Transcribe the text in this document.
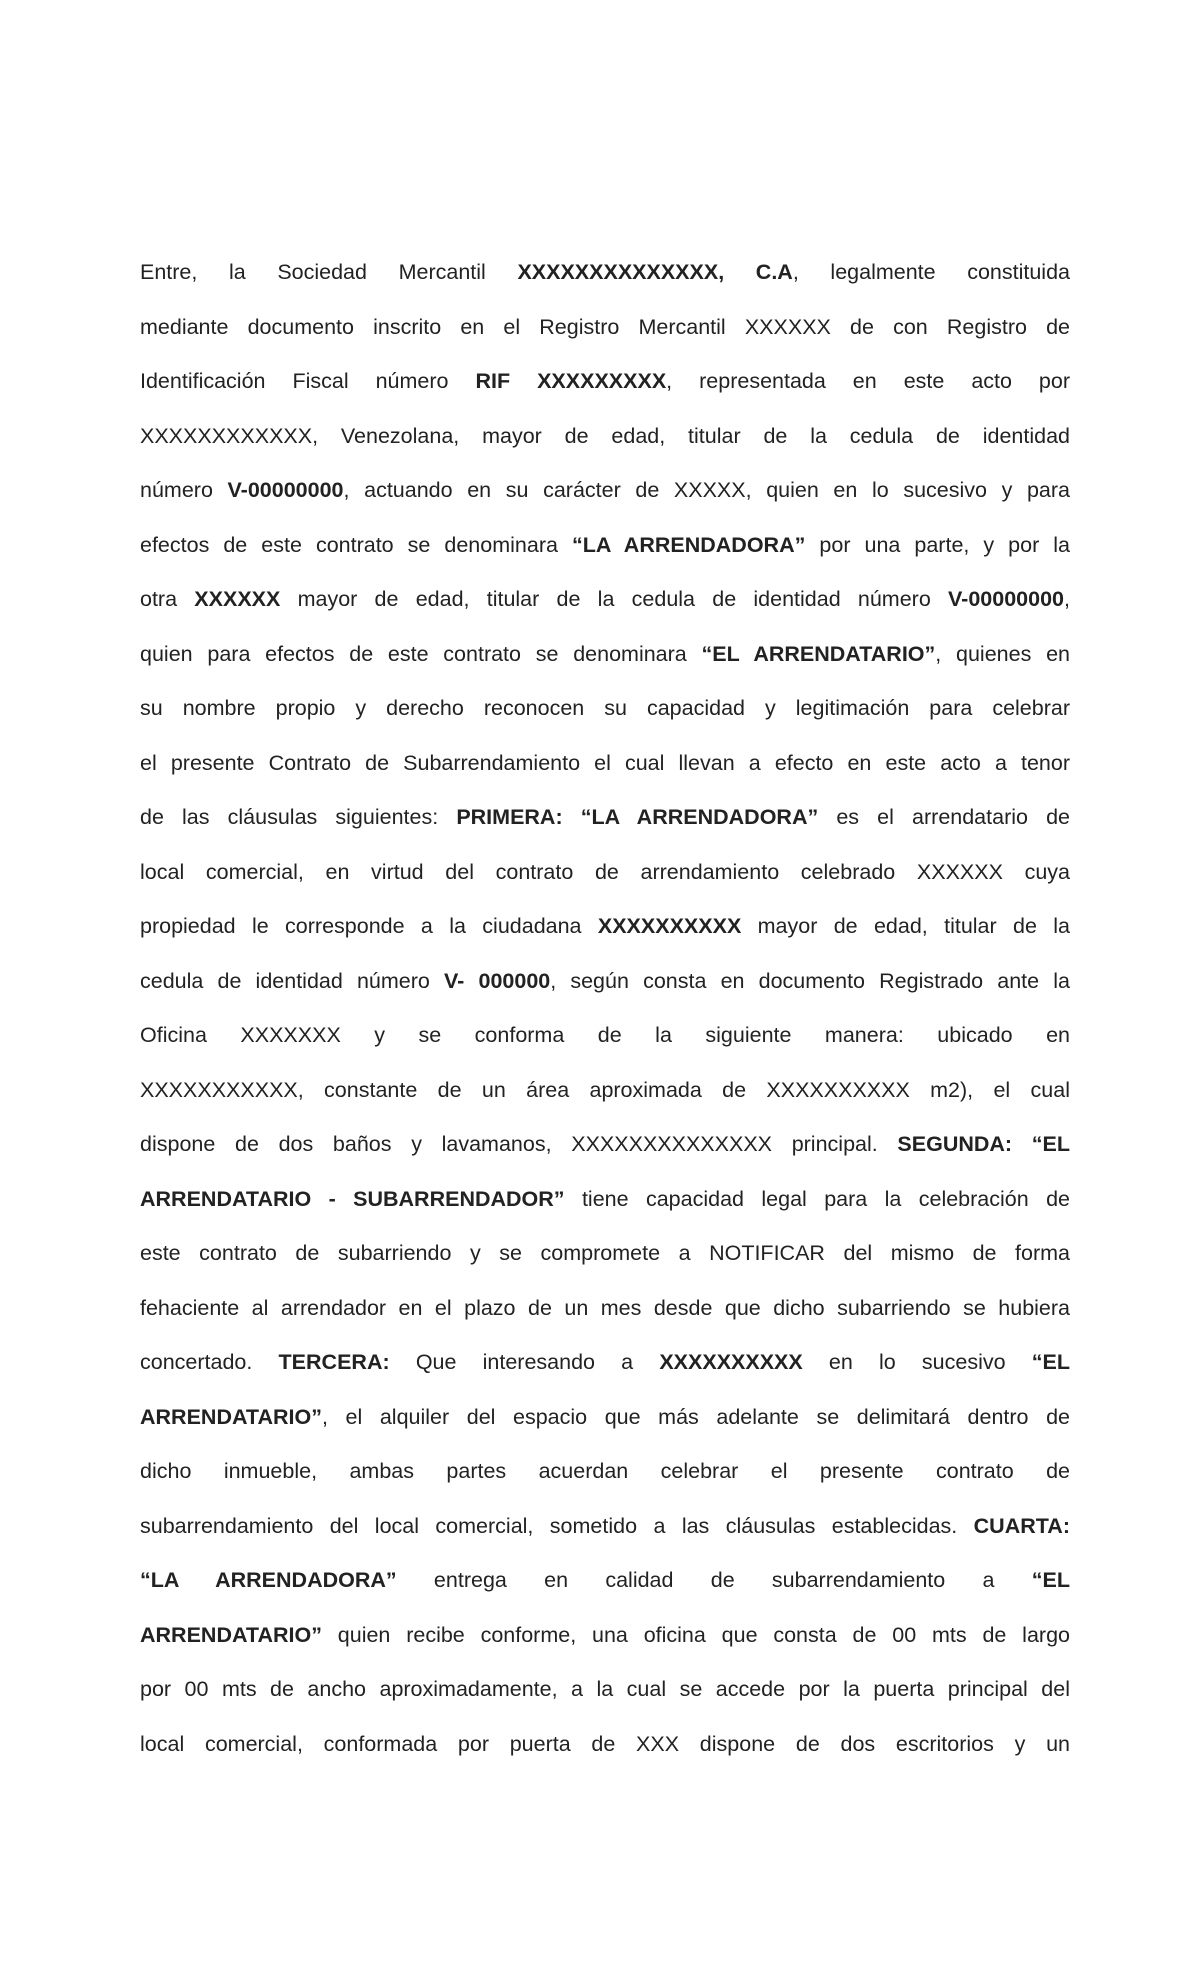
Entre, la Sociedad Mercantil XXXXXXXXXXXXXX, C.A, legalmente constituida
mediante documento inscrito en el Registro Mercantil XXXXXX de con Registro de
Identificación Fiscal número RIF XXXXXXXXX, representada en este acto por
XXXXXXXXXXXX, Venezolana, mayor de edad, titular de la cedula de identidad
número V-00000000, actuando en su carácter de XXXXX, quien en lo sucesivo y para
efectos de este contrato se denominara “LA ARRENDADORA” por una parte, y por la
otra XXXXXX mayor de edad, titular de la cedula de identidad número V-00000000,
quien para efectos de este contrato se denominara “EL ARRENDATARIO”, quienes en
su nombre propio y derecho reconocen su capacidad y legitimación para celebrar
el presente Contrato de Subarrendamiento el cual llevan a efecto en este acto a tenor
de las cláusulas siguientes: PRIMERA: “LA ARRENDADORA” es el arrendatario de
local comercial, en virtud del contrato de arrendamiento celebrado XXXXXX cuya
propiedad le corresponde a la ciudadana XXXXXXXXXX mayor de edad, titular de la
cedula de identidad número V- 000000, según consta en documento Registrado ante la
Oficina XXXXXXX y se conforma de la siguiente manera: ubicado en
XXXXXXXXXXX, constante de un área aproximada de XXXXXXXXXX m2), el cual
dispone de dos baños y lavamanos, XXXXXXXXXXXXXX principal. SEGUNDA: “EL
ARRENDATARIO - SUBARRENDADOR” tiene capacidad legal para la celebración de
este contrato de subarriendo y se compromete a NOTIFICAR del mismo de forma
fehaciente al arrendador en el plazo de un mes desde que dicho subarriendo se hubiera
concertado. TERCERA: Que interesando a XXXXXXXXXX en lo sucesivo “EL
ARRENDATARIO”, el alquiler del espacio que más adelante se delimitará dentro de
dicho inmueble, ambas partes acuerdan celebrar el presente contrato de
subarrendamiento del local comercial, sometido a las cláusulas establecidas. CUARTA:
“LA ARRENDADORA” entrega en calidad de subarrendamiento a “EL
ARRENDATARIO” quien recibe conforme, una oficina que consta de 00 mts de largo
por 00 mts de ancho aproximadamente, a la cual se accede por la puerta principal del
local comercial, conformada por puerta de XXX dispone de dos escritorios y un
